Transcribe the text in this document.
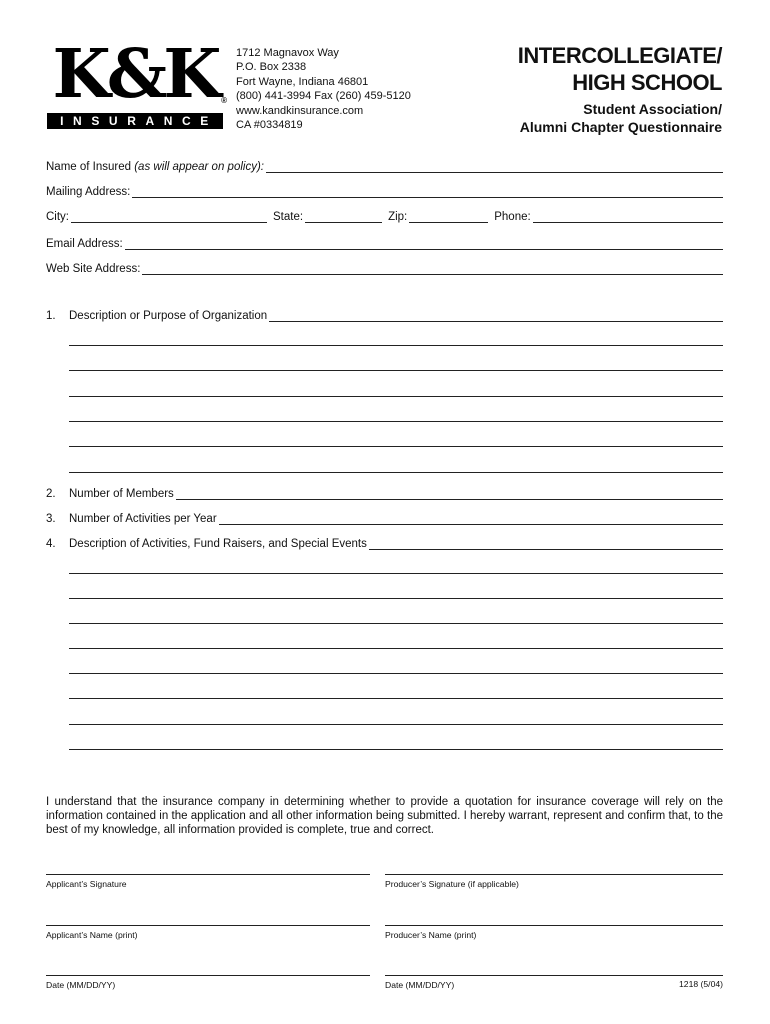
K&K ®
INSURANCE
1712 Magnavox Way
P.O. Box 2338
Fort Wayne, Indiana 46801
(800) 441-3994 Fax (260) 459-5120
www.kandkinsurance.com
CA #0334819
INTERCOLLEGIATE/
HIGH SCHOOL
Student Association/
Alumni Chapter Questionnaire
Name of Insured (as will appear on policy):
Mailing Address:
City:	State:	Zip:	Phone:
Email Address:
Web Site Address:
1. Description or Purpose of Organization
2. Number of Members
3. Number of Activities per Year
4. Description of Activities, Fund Raisers, and Special Events
I understand that the insurance company in determining whether to provide a quotation for insurance coverage will rely on the information contained in the application and all other information being submitted. I hereby warrant, represent and confirm that, to the best of my knowledge, all information provided is complete, true and correct.
Applicant’s Signature	Producer’s Signature (if applicable)
Applicant’s Name (print)	Producer’s Name (print)
Date (MM/DD/YY)	Date (MM/DD/YY)	1218 (5/04)
